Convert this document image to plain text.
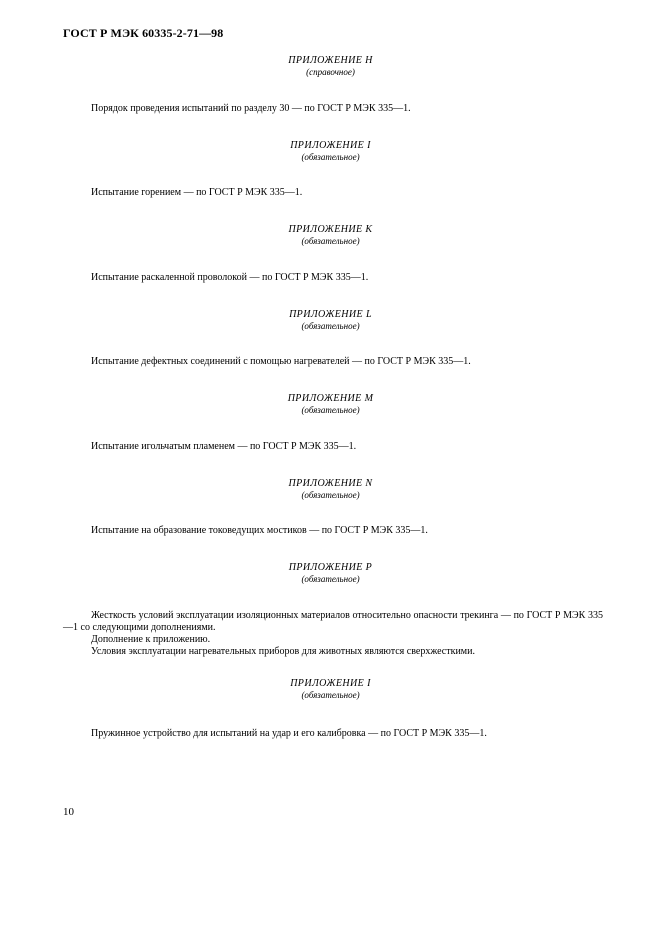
ГОСТ Р МЭК 60335-2-71—98
ПРИЛОЖЕНИЕ H
(справочное)

Порядок проведения испытаний по разделу 30 — по ГОСТ Р МЭК 335—1.

ПРИЛОЖЕНИЕ I
(обязательное)

Испытание горением — по ГОСТ Р МЭК 335—1.

ПРИЛОЖЕНИЕ K
(обязательное)

Испытание раскаленной проволокой — по ГОСТ Р МЭК 335—1.

ПРИЛОЖЕНИЕ L
(обязательное)

Испытание дефектных соединений с помощью нагревателей — по ГОСТ Р МЭК 335—1.

ПРИЛОЖЕНИЕ M
(обязательное)

Испытание игольчатым пламенем — по ГОСТ Р МЭК 335—1.

ПРИЛОЖЕНИЕ N
(обязательное)

Испытание на образование токоведущих мостиков — по ГОСТ Р МЭК 335—1.

ПРИЛОЖЕНИЕ P
(обязательное)

Жесткость условий эксплуатации изоляционных материалов относительно опасности трекинга — по ГОСТ Р МЭК 335—1 со следующими дополнениями.

Дополнение к приложению.

Условия эксплуатации нагревательных приборов для животных являются сверхжесткими.

ПРИЛОЖЕНИЕ I
(обязательное)

Пружинное устройство для испытаний на удар и его калибровка — по ГОСТ Р МЭК 335—1.

10
